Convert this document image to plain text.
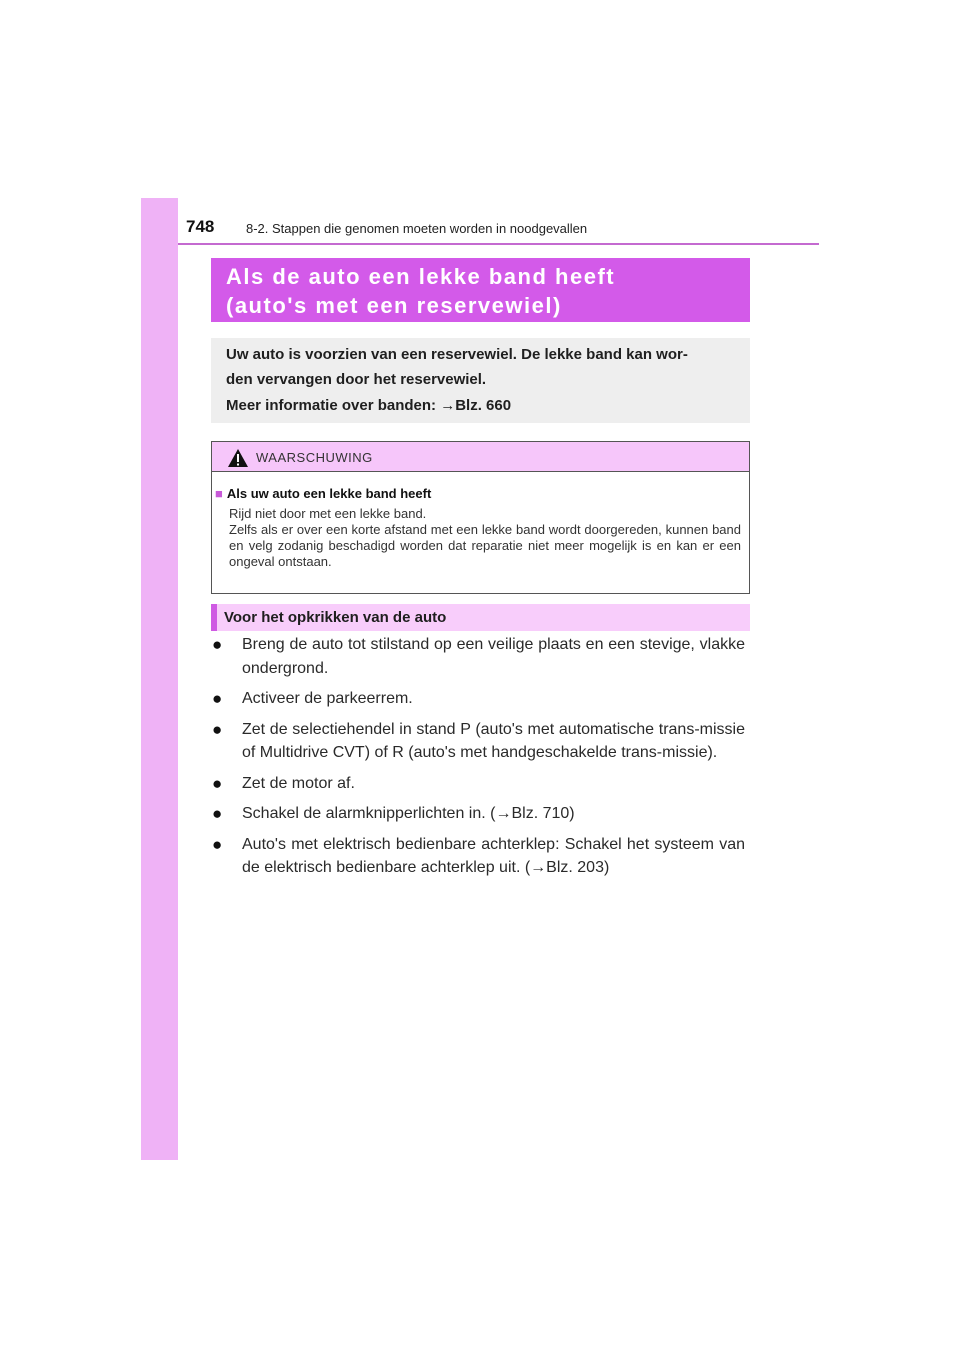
748 8-2. Stappen die genomen moeten worden in noodgevallen
Als de auto een lekke band heeft
(auto's met een reservewiel)
Uw auto is voorzien van een reservewiel. De lekke band kan wor-
den vervangen door het reservewiel.
Meer informatie over banden: →Blz. 660
WAARSCHUWING
■ Als uw auto een lekke band heeft

Rijd niet door met een lekke band.

Zelfs als er over een korte afstand met een lekke band wordt doorgereden, kunnen band en velg zodanig beschadigd worden dat reparatie niet meer mogelijk is en kan er een ongeval ontstaan.

Voor het opkrikken van de auto
● Breng de auto tot stilstand op een veilige plaats en een stevige, vlakke ondergrond.
● Activeer de parkeerrem.
● Zet de selectiehendel in stand P (auto's met automatische trans-missie of Multidrive CVT) of R (auto's met handgeschakelde trans-missie).
● Zet de motor af.
● Schakel de alarmknipperlichten in. (→Blz. 710)
● Auto's met elektrisch bedienbare achterklep: Schakel het systeem van de elektrisch bedienbare achterklep uit. (→Blz. 203)
